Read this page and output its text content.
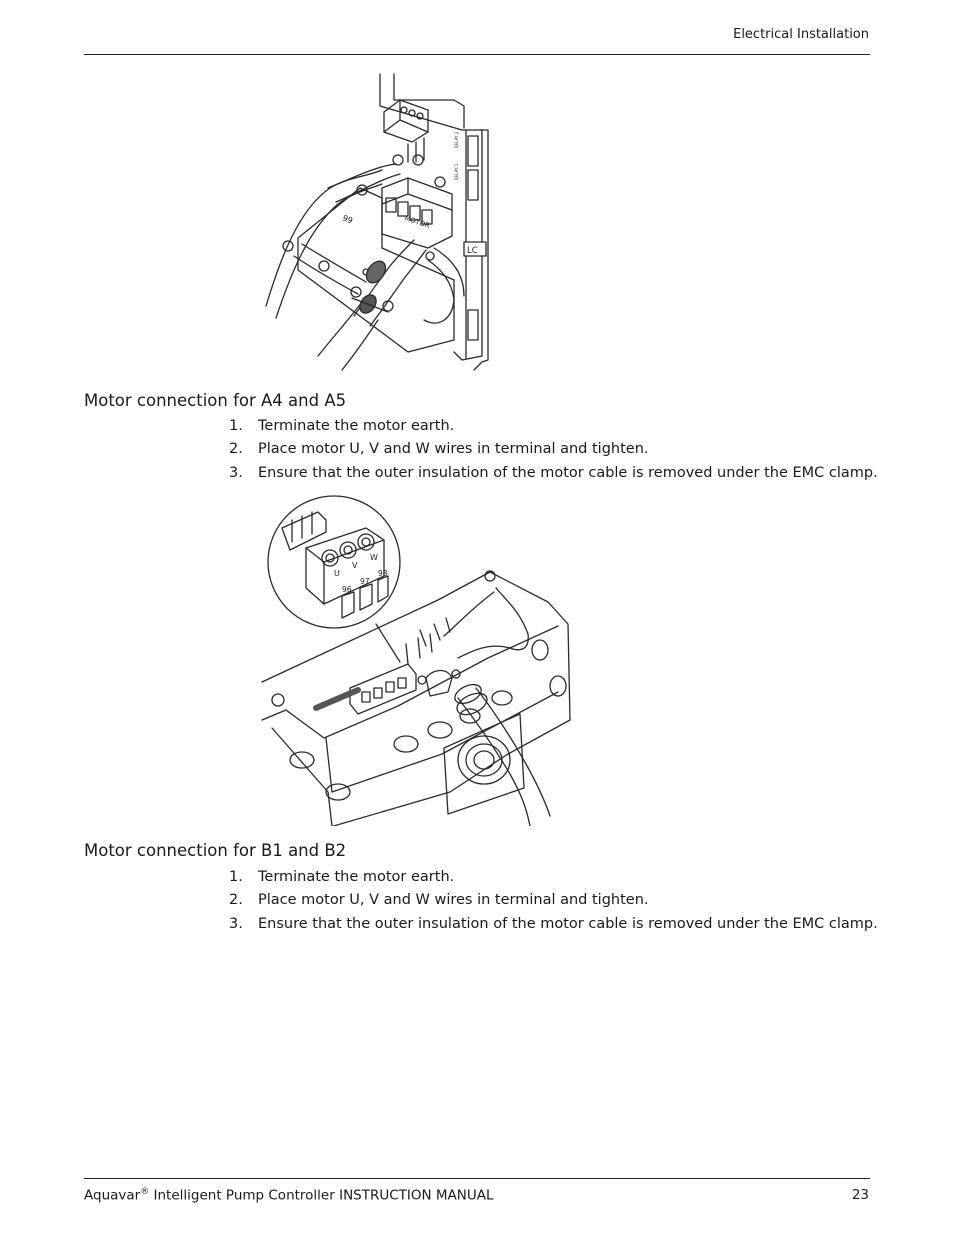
Electrical Installation
MOTOR
99
RELAY 1
RELAY 2
LC
Motor connection for A4 and A5
1. Terminate the motor earth.
2. Place motor U, V and W wires in terminal and tighten.
3. Ensure that the outer insulation of the motor cable is removed under the EMC clamp.
U
V
W
96
97
98
Motor connection for B1 and B2
1. Terminate the motor earth.
2. Place motor U, V and W wires in terminal and tighten.
3. Ensure that the outer insulation of the motor cable is removed under the EMC clamp.
Aquavar® Intelligent Pump Controller INSTRUCTION MANUAL	23
